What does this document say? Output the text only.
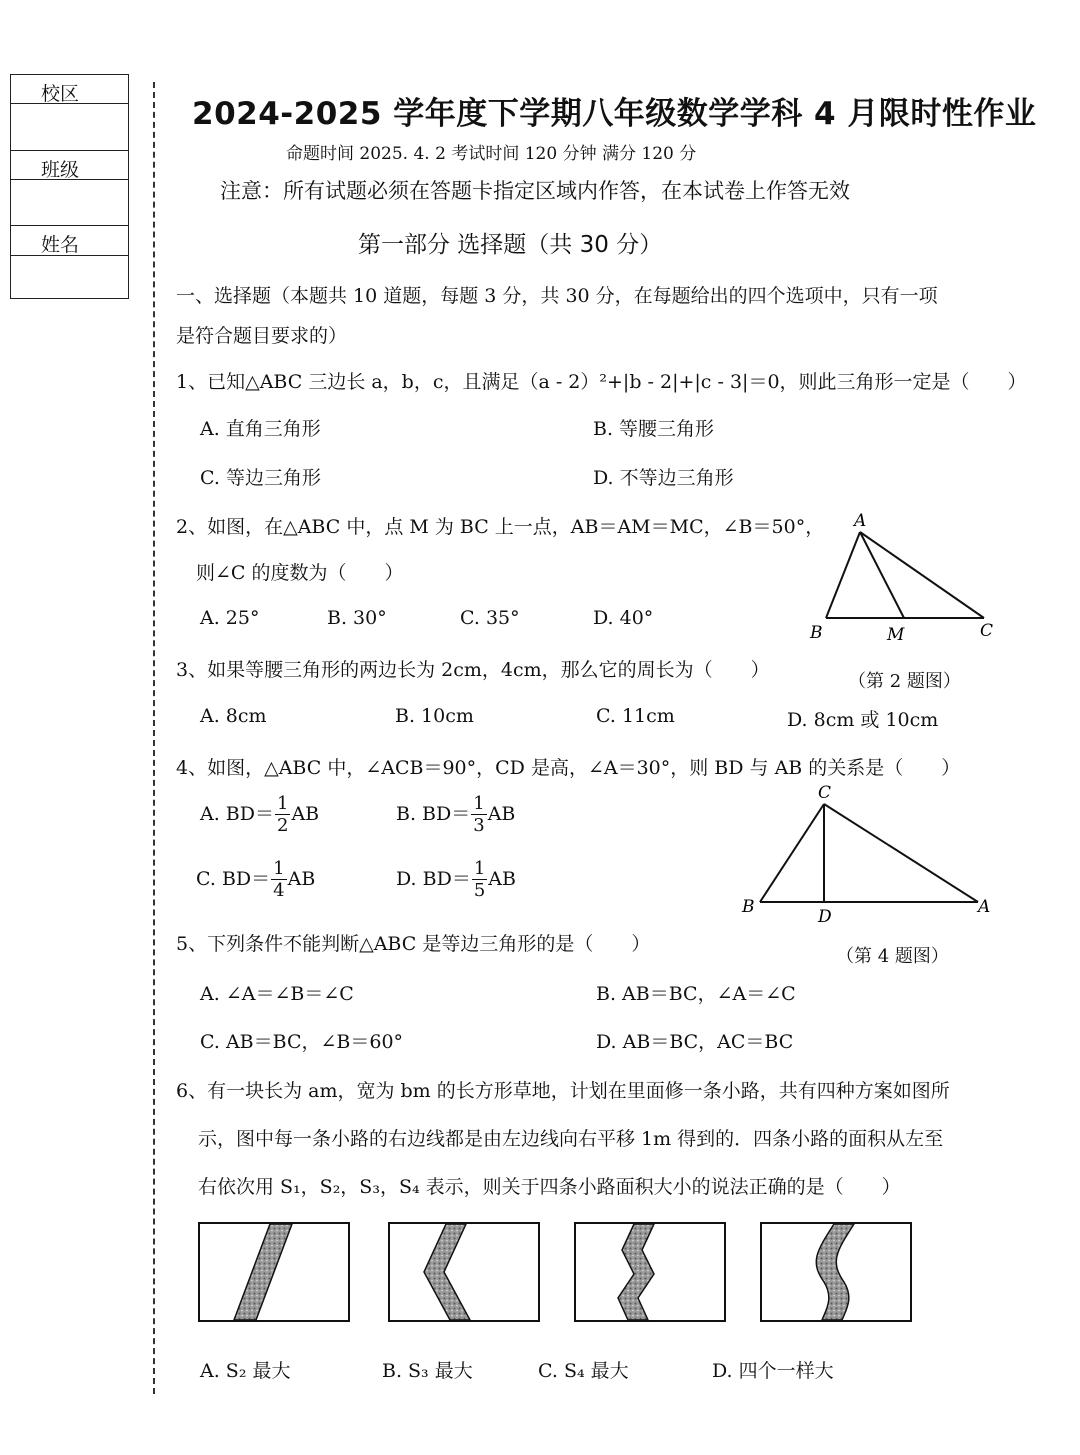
校区
班级
姓名
2024-2025 学年度下学期八年级数学学科 4 月限时性作业
命题时间 2025. 4. 2 考试时间 120 分钟 满分 120 分
注意：所有试题必须在答题卡指定区域内作答，在本试卷上作答无效
第一部分 选择题（共 30 分）
一、选择题（本题共 10 道题，每题 3 分，共 30 分，在每题给出的四个选项中，只有一项
是符合题目要求的）
1、已知△ABC 三边长 a，b，c，且满足（a - 2）²+|b - 2|+|c - 3|＝0，则此三角形一定是（　　）
A. 直角三角形	B. 等腰三角形
C. 等边三角形	D. 不等边三角形
2、如图，在△ABC 中，点 M 为 BC 上一点，AB＝AM＝MC，∠B＝50°，
则∠C 的度数为（　　）
A. 25°	B. 30°	C. 35°	D. 40°
A
B	M	C
（第 2 题图）
3、如果等腰三角形的两边长为 2cm，4cm，那么它的周长为（　　）
A. 8cm	B. 10cm	C. 11cm	D. 8cm 或 10cm
4、如图，△ABC 中，∠ACB＝90°，CD 是高，∠A＝30°，则 BD 与 AB 的关系是（　　）
A. $BD= \frac{1}{2}$ AB	B. $BD= \frac{1}{3}$ AB
C. $BD= \frac{1}{4}$ AB	D. $BD= \frac{1}{5}$ AB
C
B	D	A
（第 4 题图）
5、下列条件不能判断△ABC 是等边三角形的是（　　）
A. ∠A＝∠B＝∠C	B. AB＝BC，∠A＝∠C
C. AB＝BC，∠B＝60°	D. AB＝BC，AC＝BC
6、有一块长为 am，宽为 bm 的长方形草地，计划在里面修一条小路，共有四种方案如图所
示，图中每一条小路的右边线都是由左边线向右平移 1m 得到的．四条小路的面积从左至
右依次用 S₁，S₂，S₃，S₄ 表示，则关于四条小路面积大小的说法正确的是（　　）
A. S₂ 最大	B. S₃ 最大	C. S₄ 最大	D. 四个一样大
